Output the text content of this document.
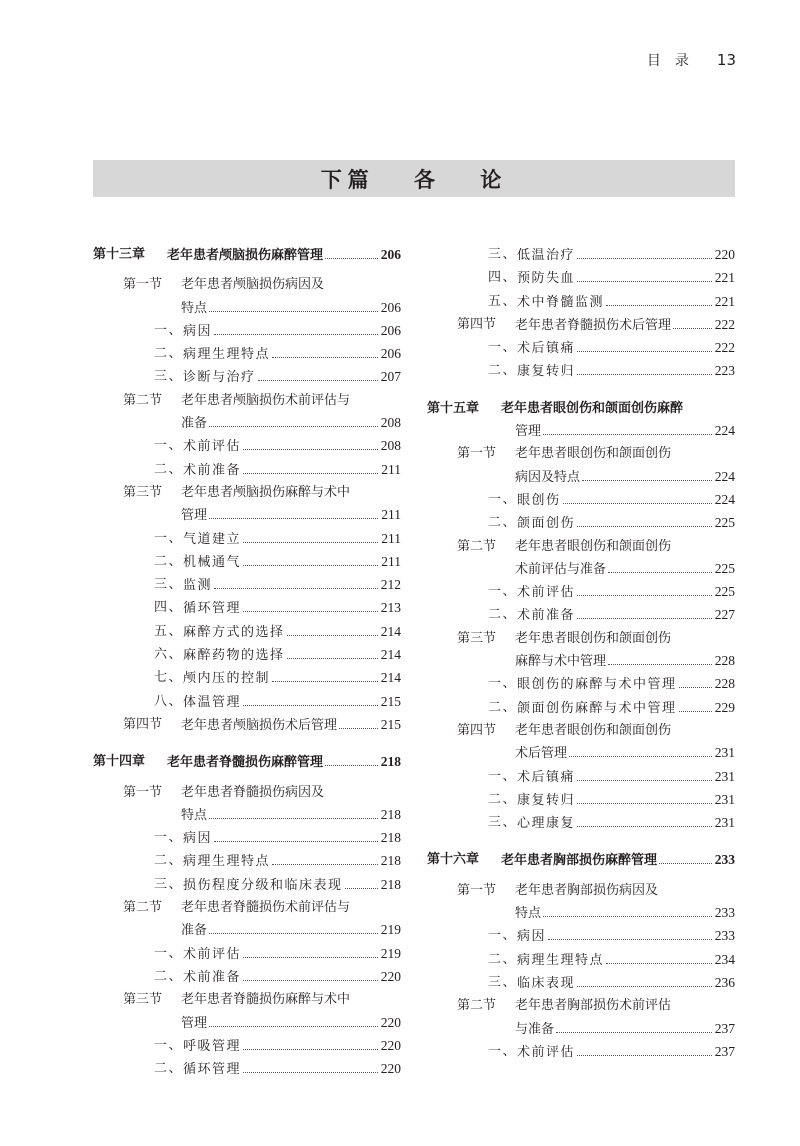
目录 13
下篇 各 论
第十三章	老年患者颅脑损伤麻醉管理	206
第一节	老年患者颅脑损伤病因及
特点	206
一、 病因	206
二、 病理生理特点	206
三、 诊断与治疗	207
第二节	老年患者颅脑损伤术前评估与
准备	208
一、 术前评估	208
二、 术前准备	211
第三节	老年患者颅脑损伤麻醉与术中
管理	211
一、 气道建立	211
二、 机械通气	211
三、 监测	212
四、 循环管理	213
五、 麻醉方式的选择	214
六、 麻醉药物的选择	214
七、 颅内压的控制	214
八、 体温管理	215
第四节	老年患者颅脑损伤术后管理	215
第十四章	老年患者脊髓损伤麻醉管理	218
第一节	老年患者脊髓损伤病因及
特点	218
一、 病因	218
二、 病理生理特点	218
三、 损伤程度分级和临床表现	218
第二节	老年患者脊髓损伤术前评估与
准备	219
一、 术前评估	219
二、 术前准备	220
第三节	老年患者脊髓损伤麻醉与术中
管理	220
一、 呼吸管理	220
二、 循环管理	220
三、 低温治疗	220
四、 预防失血	221
五、 术中脊髓监测	221
第四节	老年患者脊髓损伤术后管理	222
一、 术后镇痛	222
二、 康复转归	223
第十五章	老年患者眼创伤和颌面创伤麻醉
管理	224
第一节	老年患者眼创伤和颌面创伤
病因及特点	224
一、 眼创伤	224
二、 颌面创伤	225
第二节	老年患者眼创伤和颌面创伤
术前评估与准备	225
一、 术前评估	225
二、 术前准备	227
第三节	老年患者眼创伤和颌面创伤
麻醉与术中管理	228
一、 眼创伤的麻醉与术中管理	228
二、 颌面创伤麻醉与术中管理	229
第四节	老年患者眼创伤和颌面创伤
术后管理	231
一、 术后镇痛	231
二、 康复转归	231
三、 心理康复	231
第十六章	老年患者胸部损伤麻醉管理	233
第一节	老年患者胸部损伤病因及
特点	233
一、 病因	233
二、 病理生理特点	234
三、 临床表现	236
第二节	老年患者胸部损伤术前评估
与准备	237
一、 术前评估	237
